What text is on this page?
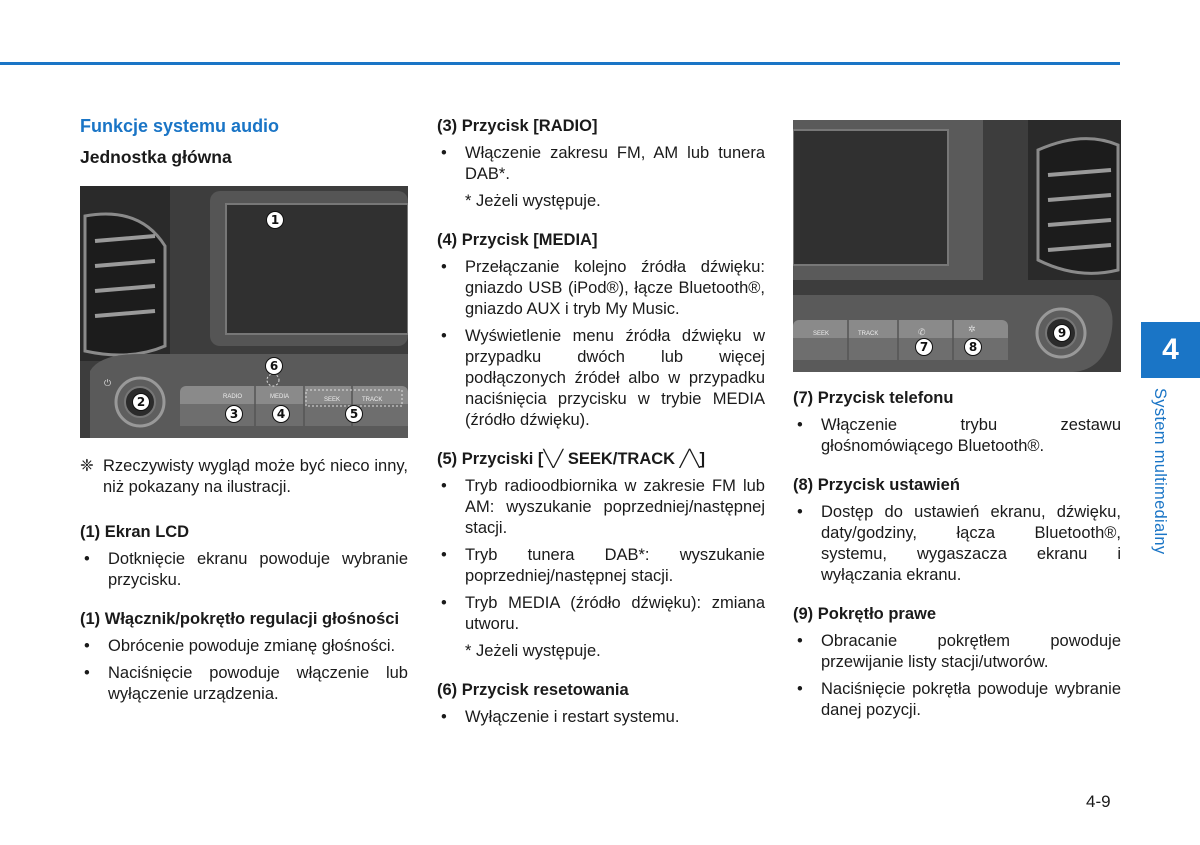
Funkcje systemu audio
Jednostka główna
RADIO	MEDIA	SEEK	TRACK
⏻
1
2
3	4	5
6
❈ Rzeczywisty wygląd może być nieco inny, niż pokazany na ilustracji.
(1) Ekran LCD
• Dotknięcie ekranu powoduje wybranie przycisku.
(1) Włącznik/pokrętło regulacji głośności
• Obrócenie powoduje zmianę głośności.
• Naciśnięcie powoduje włączenie lub wyłączenie urządzenia.
(3) Przycisk [RADIO]
• Włączenie zakresu FM, AM lub tunera DAB*.
* Jeżeli występuje.
(4) Przycisk [MEDIA]
• Przełączanie kolejno źródła dźwięku: gniazdo USB (iPod®), łącze Bluetooth®, gniazdo AUX i tryb My Music.
• Wyświetlenie menu źródła dźwięku w przypadku dwóch lub więcej podłączonych źródeł albo w przypadku naciśnięcia przycisku w trybie MEDIA (źródło dźwięku).
(5) Przyciski [╲╱ SEEK/TRACK ╱╲]
• Tryb radioodbiornika w zakresie FM lub AM: wyszukanie poprzedniej/następnej stacji.
• Tryb tunera DAB*: wyszukanie poprzedniej/następnej stacji.
• Tryb MEDIA (źródło dźwięku): zmiana utworu.
* Jeżeli występuje.
(6) Przycisk resetowania
• Wyłączenie i restart systemu.
SEEK	TRACK	✆	✲
7	8
9
(7) Przycisk telefonu
• Włączenie trybu zestawu głośnomówiącego Bluetooth®.
(8) Przycisk ustawień
• Dostęp do ustawień ekranu, dźwięku, daty/godziny, łącza Bluetooth®, systemu, wygaszacza ekranu i wyłączania ekranu.
(9) Pokrętło prawe
• Obracanie pokrętłem powoduje przewijanie listy stacji/utworów.
• Naciśnięcie pokrętła powoduje wybranie danej pozycji.
4
System multimedialny
4-9
